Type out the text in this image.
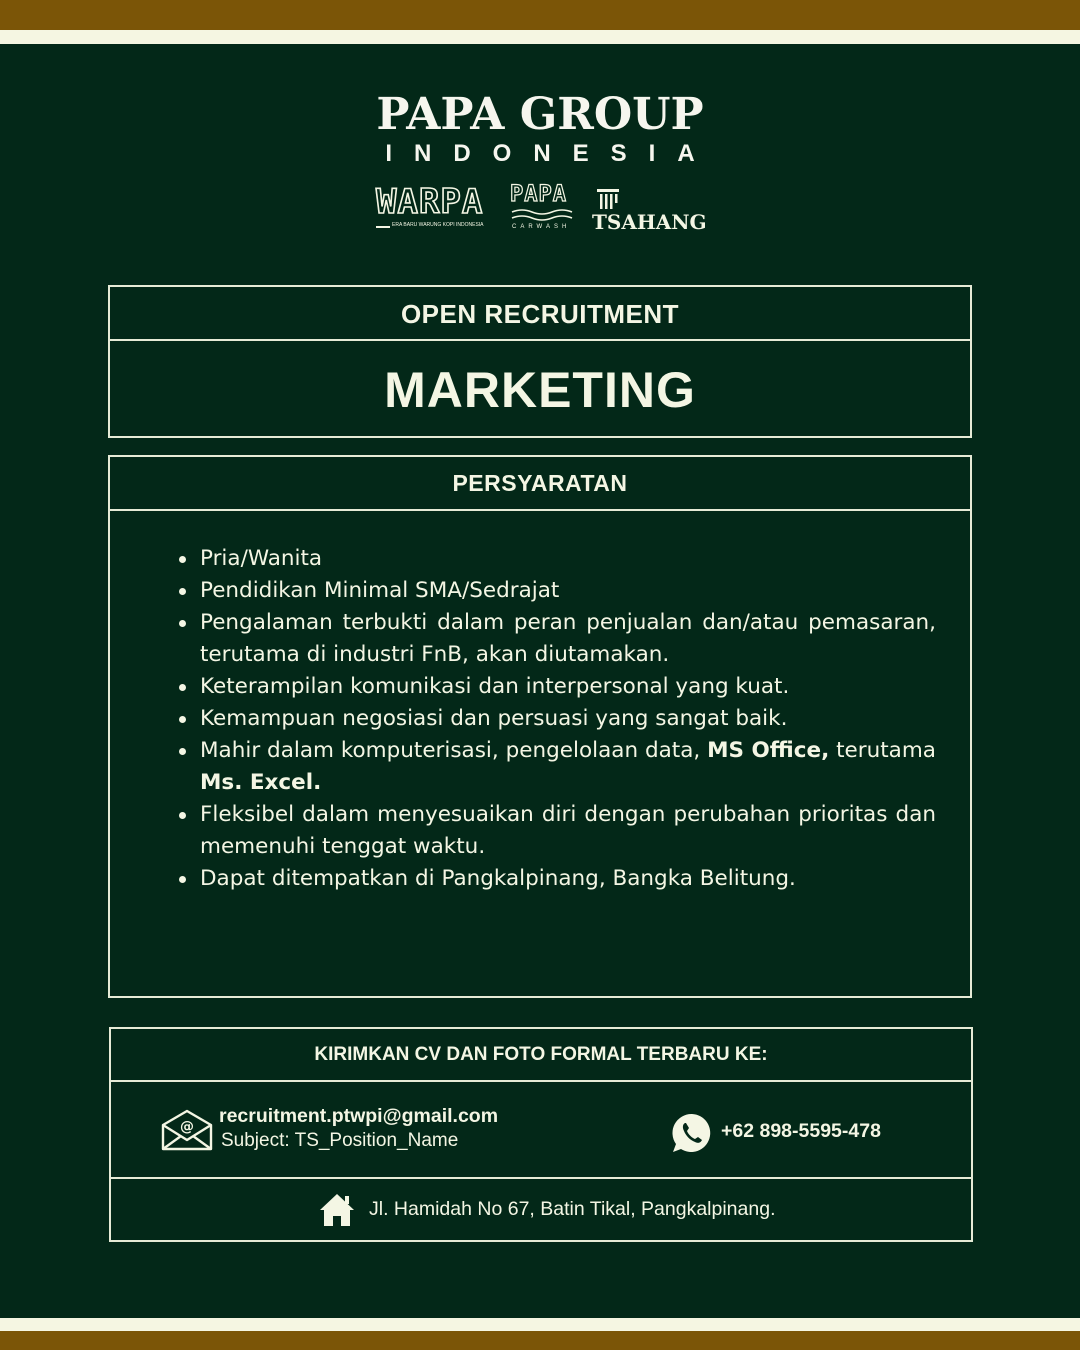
PAPA GROUP
INDONESIA
WARPA
ERA BARU WARUNG KOPI INDONESIA
PAPA
CARWASH TSAHANG
OPEN RECRUITMENT
MARKETING
PERSYARATAN
Pria/Wanita
Pendidikan Minimal SMA/Sedrajat
Pengalaman terbukti dalam peran penjualan dan/atau pemasaran, terutama di industri FnB, akan diutamakan.
Keterampilan komunikasi dan interpersonal yang kuat.
Kemampuan negosiasi dan persuasi yang sangat baik.
Mahir dalam komputerisasi, pengelolaan data, MS Office, terutama Ms. Excel.
Fleksibel dalam menyesuaikan diri dengan perubahan prioritas dan memenuhi tenggat waktu.
Dapat ditempatkan di Pangkalpinang, Bangka Belitung.
KIRIMKAN CV DAN FOTO FORMAL TERBARU KE:
@ recruitment.ptwpi@gmail.com
Subject: TS_Position_Name	+62 898-5595-478
Jl. Hamidah No 67, Batin Tikal, Pangkalpinang.
